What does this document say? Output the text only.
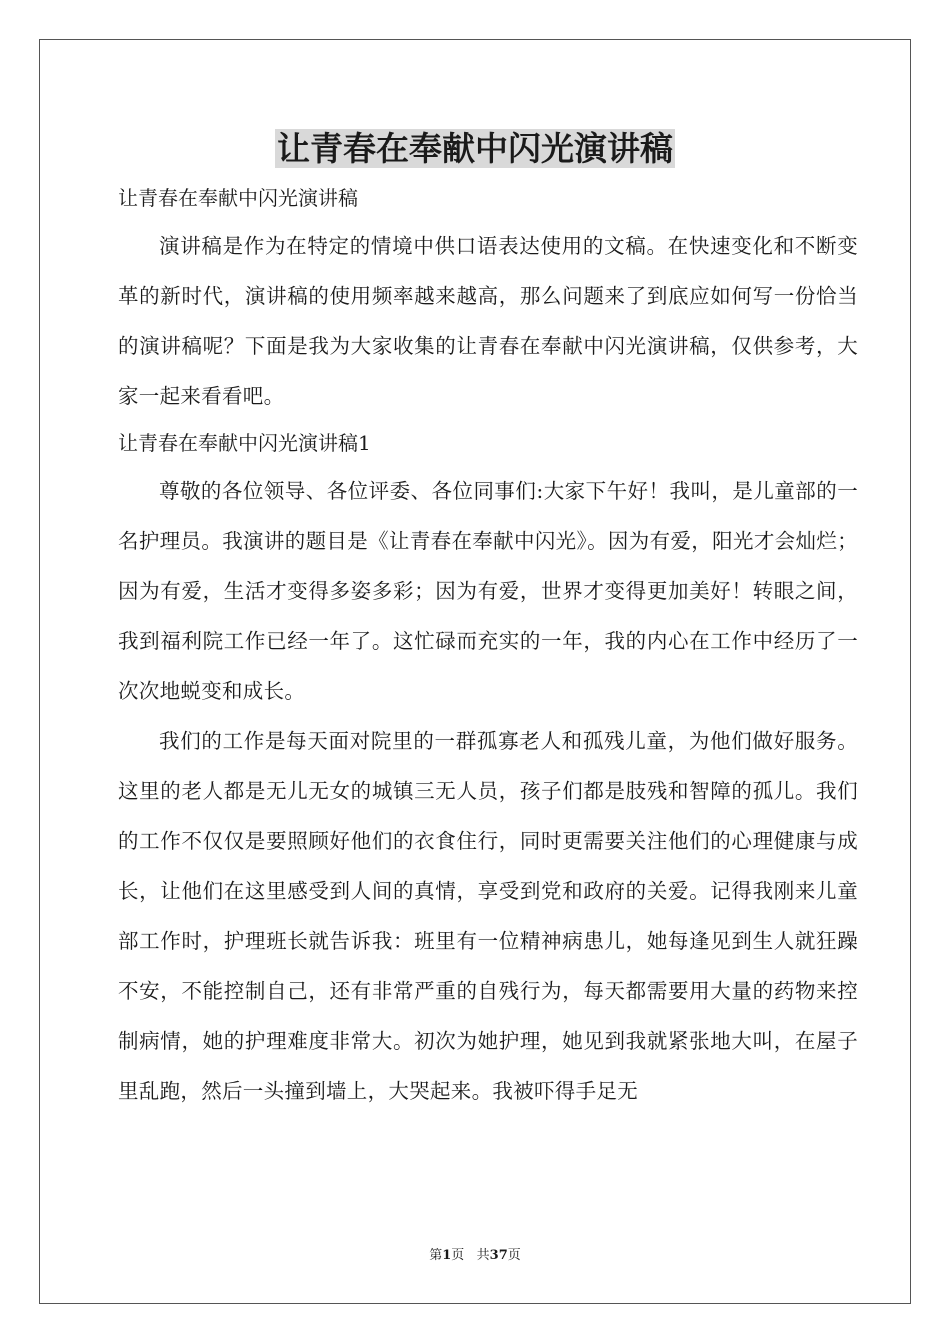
让青春在奉献中闪光演讲稿
让青春在奉献中闪光演讲稿

演讲稿是作为在特定的情境中供口语表达使用的文稿。在快速变化和不断变革的新时代，演讲稿的使用频率越来越高，那么问题来了到底应如何写一份恰当的演讲稿呢？下面是我为大家收集的让青春在奉献中闪光演讲稿，仅供参考，大家一起来看看吧。

让青春在奉献中闪光演讲稿1

尊敬的各位领导、各位评委、各位同事们:大家下午好！我叫，是儿童部的一名护理员。我演讲的题目是《让青春在奉献中闪光》。因为有爱，阳光才会灿烂；因为有爱，生活才变得多姿多彩；因为有爱，世界才变得更加美好！转眼之间，我到福利院工作已经一年了。这忙碌而充实的一年，我的内心在工作中经历了一次次地蜕变和成长。

我们的工作是每天面对院里的一群孤寡老人和孤残儿童，为他们做好服务。这里的老人都是无儿无女的城镇三无人员，孩子们都是肢残和智障的孤儿。我们的工作不仅仅是要照顾好他们的衣食住行，同时更需要关注他们的心理健康与成长，让他们在这里感受到人间的真情，享受到党和政府的关爱。记得我刚来儿童部工作时，护理班长就告诉我：班里有一位精神病患儿，她每逢见到生人就狂躁不安，不能控制自己，还有非常严重的自残行为，每天都需要用大量的药物来控制病情，她的护理难度非常大。初次为她护理，她见到我就紧张地大叫，在屋子里乱跑，然后一头撞到墙上，大哭起来。我被吓得手足无

第1页   共37页
